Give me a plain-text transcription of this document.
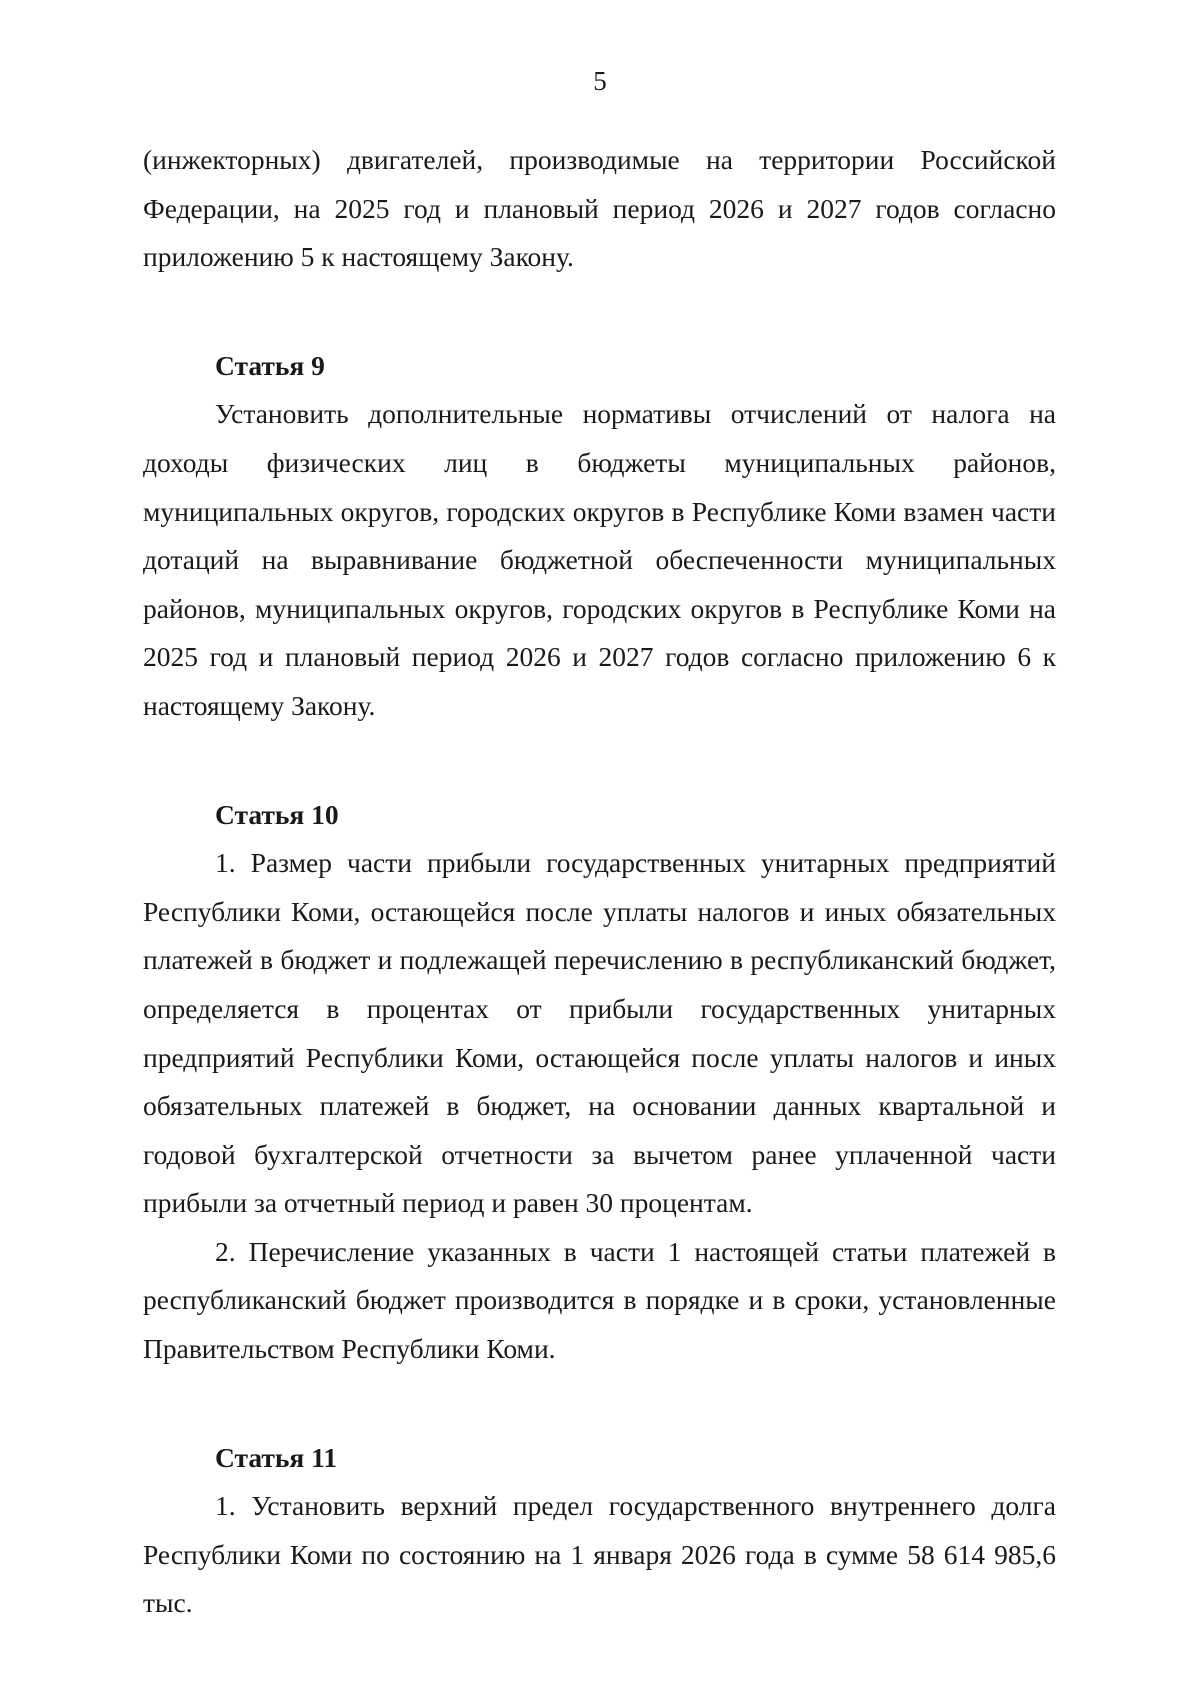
5

(инжекторных) двигателей, производимые на территории Российской Федерации, на 2025 год и плановый период 2026 и 2027 годов согласно приложению 5 к настоящему Закону.

Статья 9

Установить дополнительные нормативы отчислений от налога на доходы физических лиц в бюджеты муниципальных районов, муниципальных округов, городских округов в Республике Коми взамен части дотаций на выравнивание бюджетной обеспеченности муниципальных районов, муниципальных округов, городских округов в Республике Коми на 2025 год и плановый период 2026 и 2027 годов согласно приложению 6 к настоящему Закону.

Статья 10

1. Размер части прибыли государственных унитарных предприятий Республики Коми, остающейся после уплаты налогов и иных обязательных платежей в бюджет и подлежащей перечислению в республиканский бюджет, определяется в процентах от прибыли государственных унитарных предприятий Республики Коми, остающейся после уплаты налогов и иных обязательных платежей в бюджет, на основании данных квартальной и годовой бухгалтерской отчетности за вычетом ранее уплаченной части прибыли за отчетный период и равен 30 процентам.

2. Перечисление указанных в части 1 настоящей статьи платежей в республиканский бюджет производится в порядке и в сроки, установленные Правительством Республики Коми.

Статья 11

1. Установить верхний предел государственного внутреннего долга Республики Коми по состоянию на 1 января 2026 года в сумме 58 614 985,6 тыс.
